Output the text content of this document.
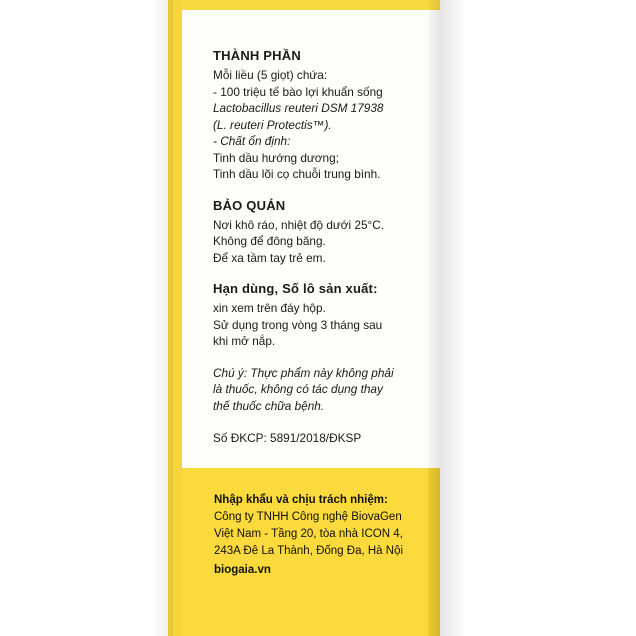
THÀNH PHẦN
Mỗi liều (5 giọt) chứa:
- 100 triệu tế bào lợi khuẩn sống
Lactobacillus reuteri DSM 17938
(L. reuteri Protectis™).
- Chất ổn định:
Tinh dầu hướng dương;
Tinh dầu lõi cọ chuỗi trung bình.
BẢO QUẢN
Nơi khô ráo, nhiệt độ dưới 25°C.
Không để đông băng.
Để xa tầm tay trẻ em.
Hạn dùng, Số lô sản xuất:
xin xem trên đáy hộp.
Sử dụng trong vòng 3 tháng sau
khi mở nắp.
Chú ý: Thực phẩm này không phải
là thuốc, không có tác dụng thay
thế thuốc chữa bệnh.
Số ĐKCP: 5891/2018/ĐKSP
Nhập khẩu và chịu trách nhiệm:
Công ty TNHH Công nghệ BiovaGen
Việt Nam - Tầng 20, tòa nhà ICON 4,
243A Đê La Thành, Đống Đa, Hà Nội
biogaia.vn
